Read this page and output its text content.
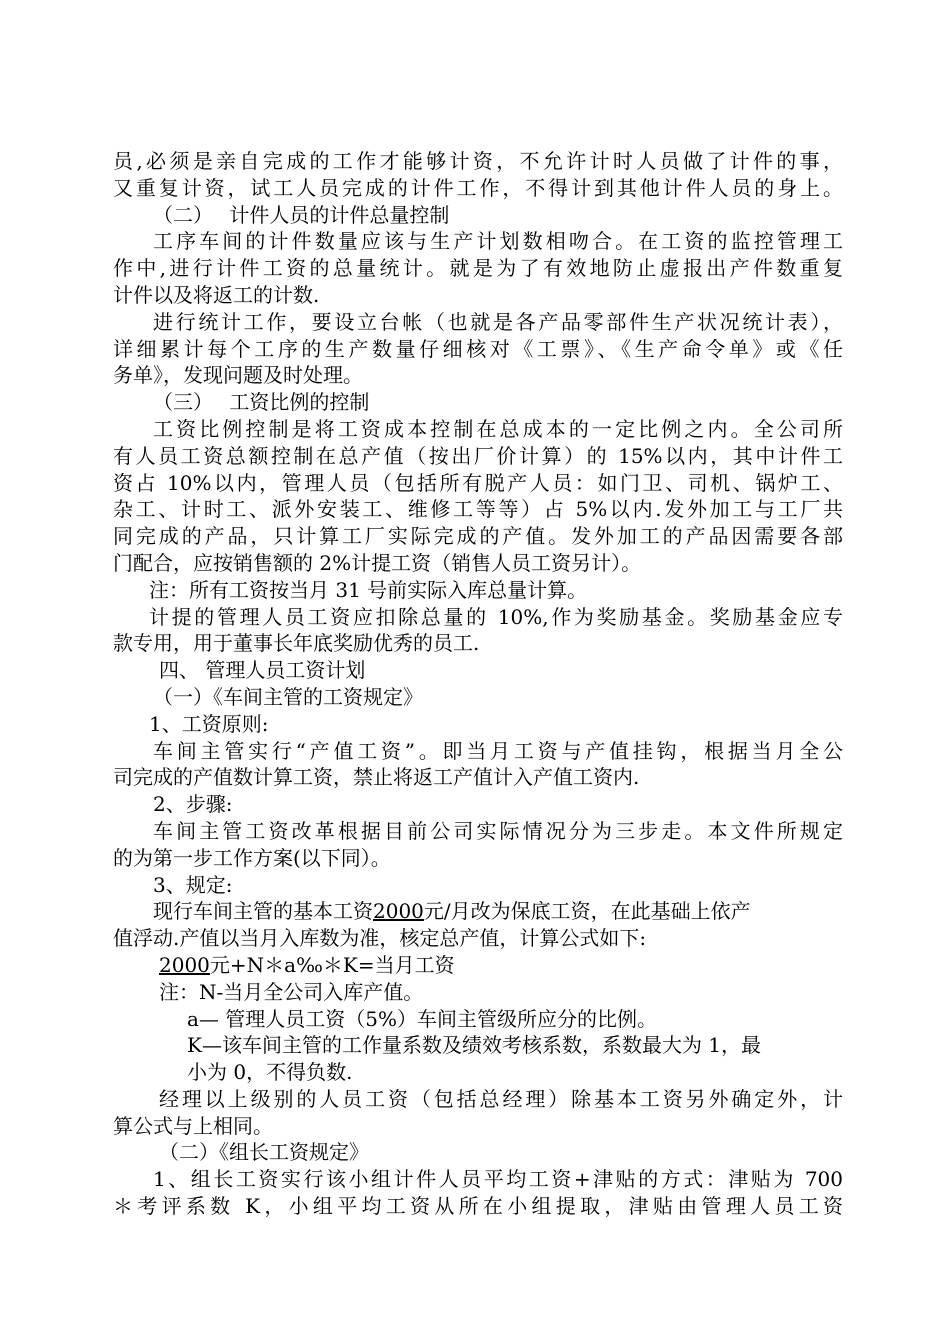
员,必须是亲自完成的工作才能够计资，不允许计时人员做了计件的事，
又重复计资，试工人员完成的计件工作，不得计到其他计件人员的身上。
（二）　 计件人员的计件总量控制
工序车间的计件数量应该与生产计划数相吻合。在工资的监控管理工
作中,进行计件工资的总量统计。就是为了有效地防止虚报出产件数重复
计件以及将返工的计数.
进行统计工作，要设立台帐（也就是各产品零部件生产状况统计表），
详细累计每个工序的生产数量仔细核对《工票》、《生产命令单》或《任
务单》，发现问题及时处理。
（三）　 工资比例的控制
工资比例控制是将工资成本控制在总成本的一定比例之内。全公司所
有人员工资总额控制在总产值（按出厂价计算）的 15%以内，其中计件工
资占 10%以内，管理人员（包括所有脱产人员：如门卫、司机、锅炉工、
杂工、计时工、派外安装工、维修工等等）占 5%以内.发外加工与工厂共
同完成的产品，只计算工厂实际完成的产值。发外加工的产品因需要各部
门配合，应按销售额的 2%计提工资（销售人员工资另计）。
注：所有工资按当月 31 号前实际入库总量计算。
计提的管理人员工资应扣除总量的 10%,作为奖励基金。奖励基金应专
款专用，用于董事长年底奖励优秀的员工.
四、 管理人员工资计划
（一）《车间主管的工资规定》
1、工资原则:
车间主管实行“产值工资”。即当月工资与产值挂钩，根据当月全公
司完成的产值数计算工资，禁止将返工产值计入产值工资内.
2、步骤:
车间主管工资改革根据目前公司实际情况分为三步走。本文件所规定
的为第一步工作方案(以下同）。
3、规定:
现行车间主管的基本工资2000元/月改为保底工资，在此基础上依产
值浮动.产值以当月入库数为准，核定总产值，计算公式如下:
2000元+N＊a‰＊K=当月工资
注：N-当月全公司入库产值。
a— 管理人员工资（5%）车间主管级所应分的比例。
K—该车间主管的工作量系数及绩效考核系数，系数最大为 1，最
小为 0，不得负数.
经理以上级别的人员工资（包括总经理）除基本工资另外确定外，计
算公式与上相同。
（二）《组长工资规定》
1、组长工资实行该小组计件人员平均工资+津贴的方式：津贴为 700
＊考评系数 K，小组平均工资从所在小组提取，津贴由管理人员工资
